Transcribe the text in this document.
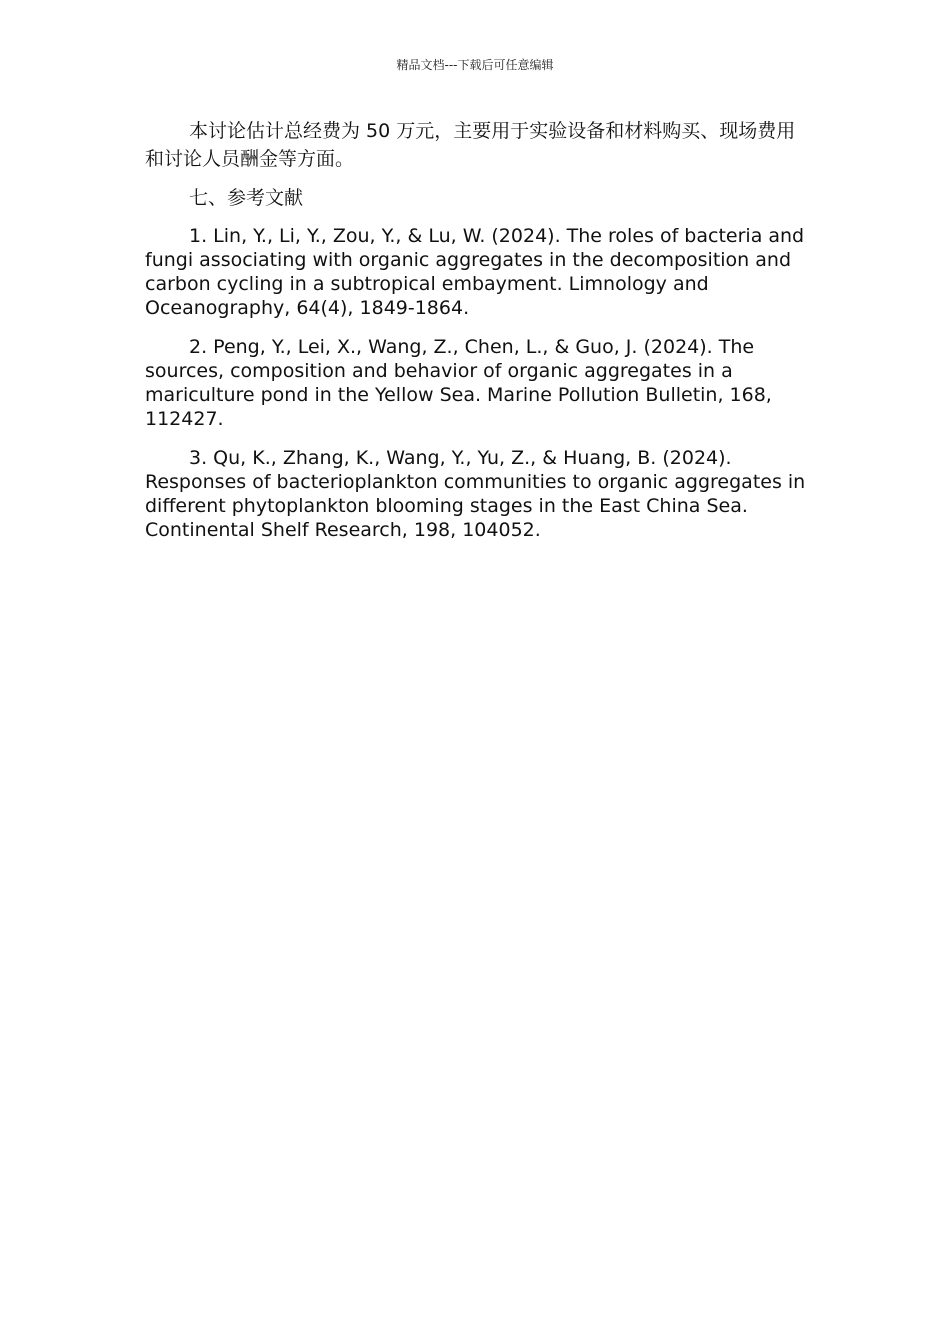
精品文档---下载后可任意编辑

本讨论估计总经费为 50 万元，主要用于实验设备和材料购买、现场费用和讨论人员酬金等方面。

七、参考文献

1. Lin, Y., Li, Y., Zou, Y., & Lu, W. (2024). The roles of bacteria and fungi associating with organic aggregates in the decomposition and carbon cycling in a subtropical embayment. Limnology and Oceanography, 64(4), 1849-1864.

2. Peng, Y., Lei, X., Wang, Z., Chen, L., & Guo, J. (2024). The sources, composition and behavior of organic aggregates in a mariculture pond in the Yellow Sea. Marine Pollution Bulletin, 168, 112427.

3. Qu, K., Zhang, K., Wang, Y., Yu, Z., & Huang, B. (2024). Responses of bacterioplankton communities to organic aggregates in different phytoplankton blooming stages in the East China Sea. Continental Shelf Research, 198, 104052.
